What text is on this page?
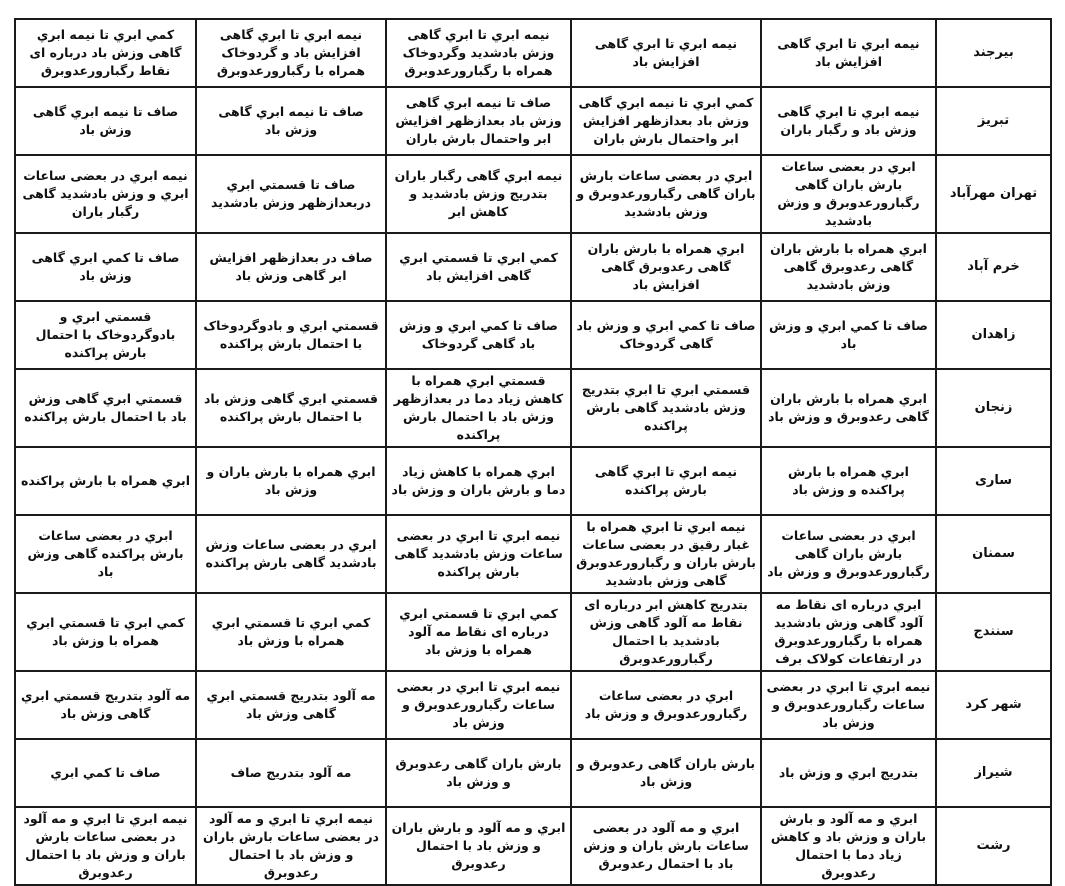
بیرجند	نیمه ابري تا ابري گاهی افزایش باد	نیمه ابري تا ابري گاهی افزایش باد	نیمه ابري تا ابري گاهی وزش بادشدید وگردوخاک همراه با رگبارورعدوبرق	نیمه ابري تا ابري گاهی افزایش باد و گردوخاک همراه با رگبارورعدوبرق	کمي ابري تا نیمه ابري گاهی وزش باد درباره ای نقاط رگبارورعدوبرق
تبریز	نیمه ابري تا ابري گاهی وزش باد و رگبار باران	کمي ابري تا نیمه ابري گاهی وزش باد بعدازظهر افزایش ابر واحتمال بارش باران	صاف تا نیمه ابري گاهی وزش باد بعدازظهر افزایش ابر واحتمال بارش باران	صاف تا نیمه ابري گاهی وزش باد	صاف تا نیمه ابري گاهی وزش باد
تهران مهرآباد	ابري در بعضی ساعات بارش باران گاهی رگبارورعدوبرق و وزش بادشدید	ابري در بعضی ساعات بارش باران گاهی رگبارورعدوبرق و وزش بادشدید	نیمه ابري گاهی رگبار باران بتدریج وزش بادشدید و کاهش ابر	صاف تا قسمتي ابري دربعدازظهر وزش بادشدید	نیمه ابري در بعضی ساعات ابري و وزش بادشدید گاهی رگبار باران
خرم آباد	ابري همراه با بارش باران گاهی رعدوبرق گاهی وزش بادشدید	ابري همراه با بارش باران گاهی رعدوبرق گاهی افزایش باد	کمي ابري تا قسمتي ابري گاهی افزایش باد	صاف در بعدازظهر افزایش ابر گاهی وزش باد	صاف تا کمي ابري گاهی وزش باد
زاهدان	صاف تا کمي ابري و وزش باد	صاف تا کمي ابري و وزش باد گاهی گردوخاک	صاف تا کمي ابري و وزش باد گاهی گردوخاک	قسمتي ابري و بادوگردوخاک با احتمال بارش پراکنده	قسمتي ابري و بادوگردوخاک با احتمال بارش پراکنده
زنجان	ابري همراه با بارش باران گاهی رعدوبرق و وزش باد	قسمتي ابري تا ابري بتدریج وزش بادشدید گاهی بارش پراکنده	قسمتي ابري همراه با کاهش زیاد دما در بعدازظهر وزش باد با احتمال بارش پراکنده	قسمتي ابري گاهی وزش باد با احتمال بارش پراکنده	قسمتي ابري گاهی وزش باد با احتمال بارش پراکنده
ساری	ابري همراه با بارش پراکنده و وزش باد	نیمه ابري تا ابري گاهی بارش پراکنده	ابري همراه با کاهش زیاد دما و بارش باران و وزش باد	ابري همراه با بارش باران و وزش باد	ابري همراه با بارش پراکنده
سمنان	ابري در بعضی ساعات بارش باران گاهی رگبارورعدوبرق و وزش باد	نیمه ابري تا ابري همراه با غبار رقیق در بعضی ساعات بارش باران و رگبارورعدوبرق گاهی وزش بادشدید	نیمه ابري تا ابري در بعضی ساعات وزش بادشدید گاهی بارش پراکنده	ابري در بعضی ساعات وزش بادشدید گاهی بارش پراکنده	ابري در بعضی ساعات بارش پراکنده گاهی وزش باد
سنندج	ابري درباره ای نقاط مه آلود گاهی وزش بادشدید همراه با رگبارورعدوبرق در ارتفاعات کولاک برف	بتدریج کاهش ابر درباره ای نقاط مه آلود گاهی وزش بادشدید با احتمال رگبارورعدوبرق	کمي ابري تا قسمتي ابري درباره ای نقاط مه آلود همراه با وزش باد	کمي ابري تا قسمتي ابري همراه با وزش باد	کمي ابري تا قسمتي ابري همراه با وزش باد
شهر کرد	نیمه ابري تا ابري در بعضی ساعات رگبارورعدوبرق و وزش باد	ابري در بعضی ساعات رگبارورعدوبرق و وزش باد	نیمه ابري تا ابري در بعضی ساعات رگبارورعدوبرق و وزش باد	مه آلود بتدریج قسمتي ابري گاهی وزش باد	مه آلود بتدریج قسمتي ابري گاهی وزش باد
شیراز	بتدریج ابري و وزش باد	بارش باران گاهی رعدوبرق و وزش باد	بارش باران گاهی رعدوبرق و وزش باد	مه آلود بتدریج صاف	صاف تا کمي ابري
رشت	ابري و مه آلود و بارش باران و وزش باد و کاهش زیاد دما با احتمال رعدوبرق	ابري و مه آلود در بعضی ساعات بارش باران و وزش باد با احتمال رعدوبرق	ابري و مه آلود و بارش باران و وزش باد با احتمال رعدوبرق	نیمه ابري تا ابري و مه آلود در بعضی ساعات بارش باران و وزش باد با احتمال رعدوبرق	نیمه ابري تا ابري و مه آلود در بعضی ساعات بارش باران و وزش باد با احتمال رعدوبرق
